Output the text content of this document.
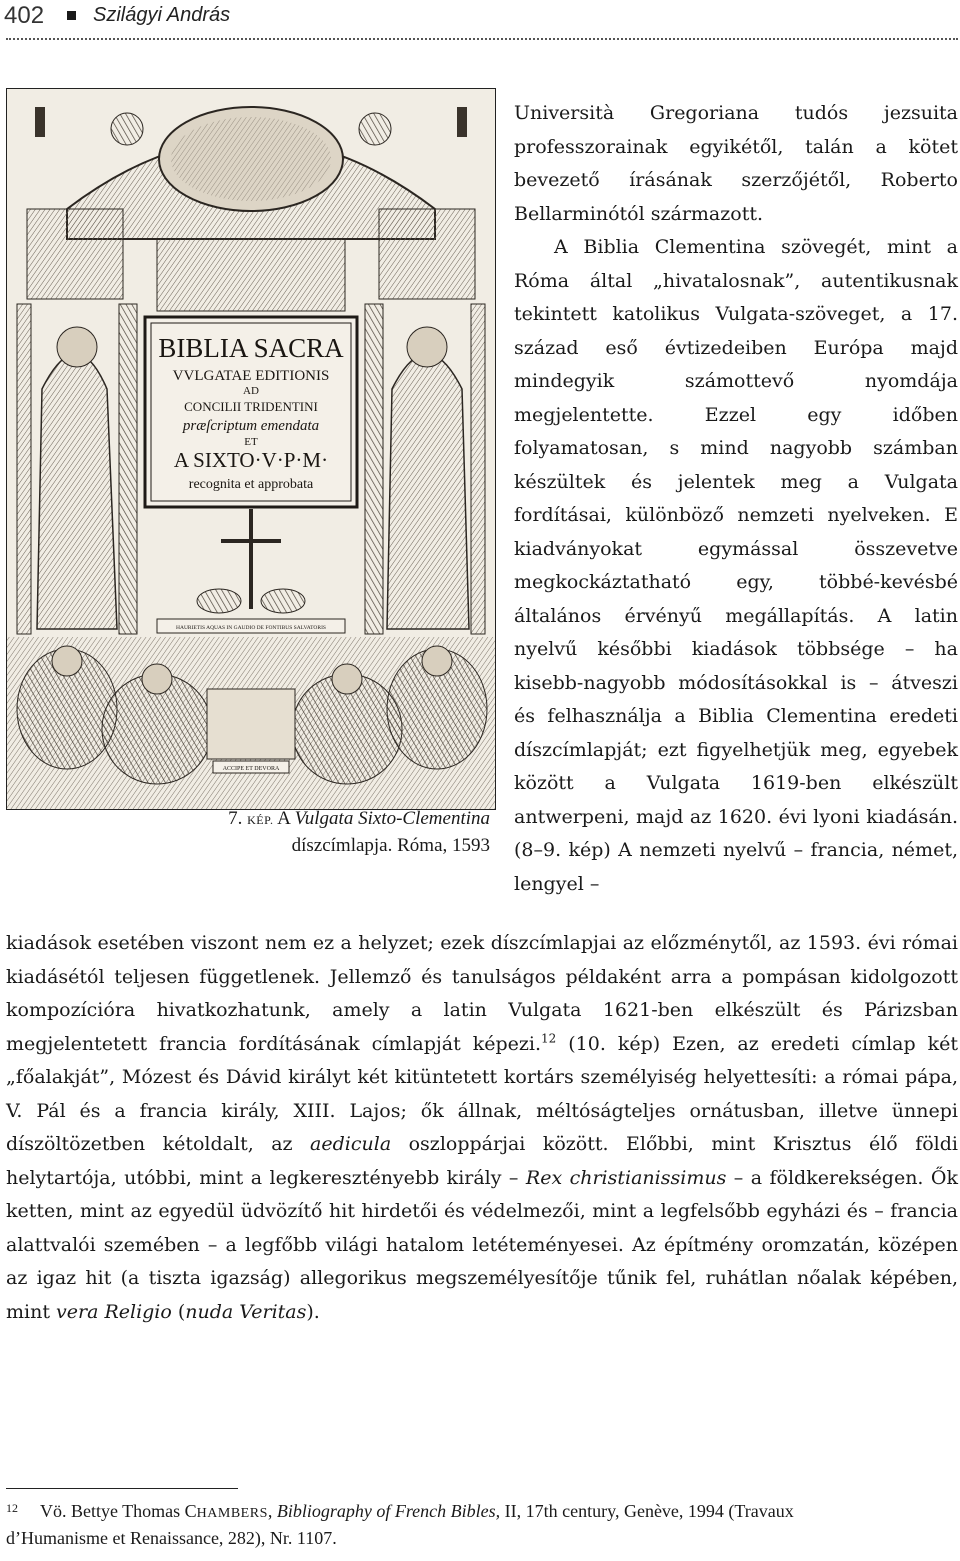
402 Szilágyi András
BIBLIA SACRA
VVLGATAE EDITIONIS
AD
CONCILII TRIDENTINI
præſcriptum emendata
ET
A SIXTO·V·P·M·
recognita et approbata
HAURIETIS AQUAS IN GAUDIO DE FONTIBUS SALVATORIS
ACCIPE ET DEVORA
7. KÉP. A Vulgata Sixto-Clementina
díszcímlapja. Róma, 1593

Università Gregoriana tudós jezsuita professzorainak egyikétől, talán a kötet bevezető írásának szerzőjétől, Roberto Bellarminótól származott.

A Biblia Clementina szövegét, mint a Róma által „hivatalosnak”, autentikusnak tekintett katolikus Vulgata-szöveget, a 17. század eső évtizedeiben Európa majd mindegyik számottevő nyomdája megjelentette. Ezzel egy időben folyamatosan, s mind nagyobb számban készültek és jelentek meg a Vulgata fordításai, különböző nemzeti nyelveken. E kiadványokat egymással összevetve megkockáztatható egy, többé-kevésbé általános érvényű megállapítás. A latin nyelvű későbbi kiadások többsége – ha kisebb-nagyobb módosításokkal is – átveszi és felhasználja a Biblia Clementina eredeti díszcímlapját; ezt figyelhetjük meg, egyebek között a Vulgata 1619-ben elkészült antwerpeni, majd az 1620. évi lyoni kiadásán. (8–9. kép) A nemzeti nyelvű – francia, német, lengyel –

kiadások esetében viszont nem ez a helyzet; ezek díszcímlapjai az előzménytől, az 1593. évi római kiadásétól teljesen függetlenek. Jellemző és tanulságos példaként arra a pompásan kidolgozott kompozícióra hivatkozhatunk, amely a latin Vulgata 1621-ben elkészült és Párizsban megjelentetett francia fordításának címlapját képezi.$^{12}$ (10. kép) Ezen, az eredeti címlap két „főalakját”, Mózest és Dávid királyt két kitüntetett kortárs személyiség helyettesíti: a római pápa, V. Pál és a francia király, XIII. Lajos; ők állnak, méltóságteljes ornátusban, illetve ünnepi díszöltözetben kétoldalt, az aedicula oszloppárjai között. Előbbi, mint Krisztus élő földi helytartója, utóbbi, mint a legkeresztényebb király – Rex christianissimus – a földkerekségen. Ők ketten, mint az egyedül üdvözítő hit hirdetői és védelmezői, mint a legfelsőbb egyházi és – francia alattvalói szemében – a legfőbb világi hatalom letéteményesei. Az építmény oromzatán, középen az igaz hit (a tiszta igazság) allegorikus megszemélyesítője tűnik fel, ruhátlan nőalak képében, mint vera Religio (nuda Veritas).

12 Vö. Bettye Thomas CHAMBERS, Bibliography of French Bibles, II, 17th century, Genève, 1994 (Travaux
d’Humanisme et Renaissance, 282), Nr. 1107.
